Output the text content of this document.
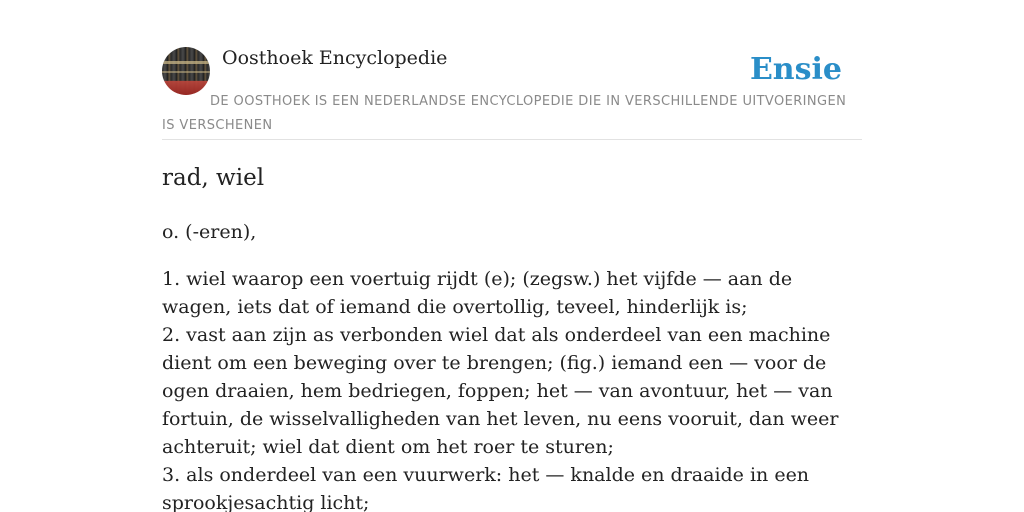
Oosthoek Encyclopedie	Ensie
DE OOSTHOEK IS EEN NEDERLANDSE ENCYCLOPEDIE DIE IN VERSCHILLENDE UITVOERINGEN IS VERSCHENEN
rad, wiel

o. (-eren),

1. wiel waarop een voertuig rijdt (e); (zegsw.) het vijfde — aan de wagen, iets dat of iemand die overtollig, teveel, hinderlijk is;
2. vast aan zijn as verbonden wiel dat als onderdeel van een machine dient om een beweging over te brengen; (fig.) iemand een — voor de ogen draaien, hem bedriegen, foppen; het — van avontuur, het — van fortuin, de wisselvalligheden van het leven, nu eens vooruit, dan weer achteruit; wiel dat dient om het roer te sturen;
3. als onderdeel van een vuurwerk: het — knalde en draaide in een sprookjesachtig licht;
